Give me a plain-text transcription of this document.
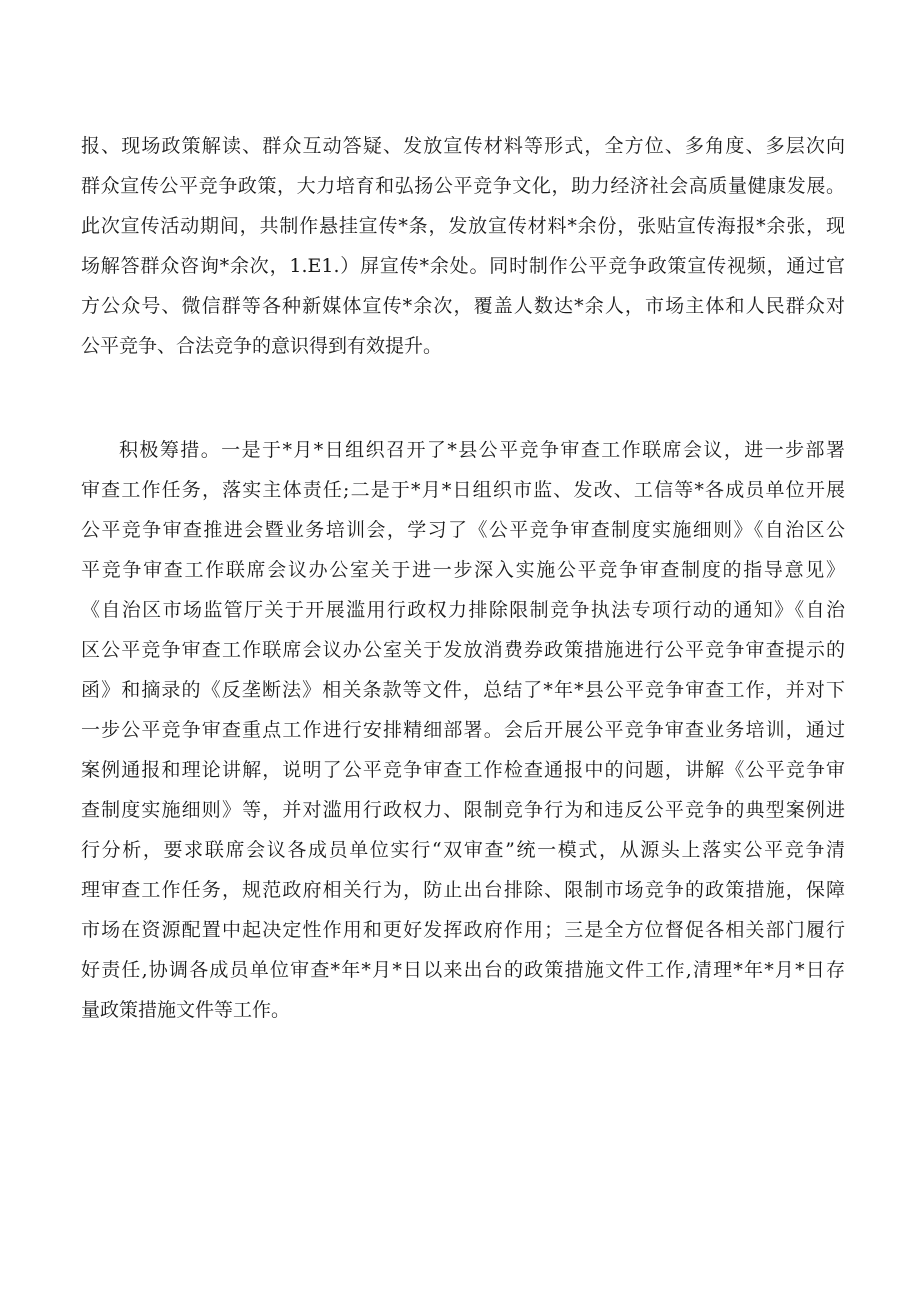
报、现场政策解读、群众互动答疑、发放宣传材料等形式，全方位、多角度、多层次向
群众宣传公平竞争政策，大力培育和弘扬公平竞争文化，助力经济社会高质量健康发展。
此次宣传活动期间，共制作悬挂宣传*条，发放宣传材料*余份，张贴宣传海报*余张，现
场解答群众咨询*余次，1.E1.）屏宣传*余处。同时制作公平竞争政策宣传视频，通过官
方公众号、微信群等各种新媒体宣传*余次，覆盖人数达*余人，市场主体和人民群众对
公平竞争、合法竞争的意识得到有效提升。
积极筹措。一是于*月*日组织召开了*县公平竞争审查工作联席会议，进一步部署
审查工作任务，落实主体责任;二是于*月*日组织市监、发改、工信等*各成员单位开展
公平竞争审查推进会暨业务培训会，学习了《公平竞争审查制度实施细则》《自治区公
平竞争审查工作联席会议办公室关于进一步深入实施公平竞争审查制度的指导意见》
《自治区市场监管厅关于开展滥用行政权力排除限制竞争执法专项行动的通知》《自治
区公平竞争审查工作联席会议办公室关于发放消费券政策措施进行公平竞争审查提示的
函》和摘录的《反垄断法》相关条款等文件，总结了*年*县公平竞争审查工作，并对下
一步公平竞争审查重点工作进行安排精细部署。会后开展公平竞争审查业务培训，通过
案例通报和理论讲解，说明了公平竞争审查工作检查通报中的问题，讲解《公平竞争审
查制度实施细则》等，并对滥用行政权力、限制竞争行为和违反公平竞争的典型案例进
行分析，要求联席会议各成员单位实行“双审查”统一模式，从源头上落实公平竞争清
理审查工作任务，规范政府相关行为，防止出台排除、限制市场竞争的政策措施，保障
市场在资源配置中起决定性作用和更好发挥政府作用；三是全方位督促各相关部门履行
好责任,协调各成员单位审查*年*月*日以来出台的政策措施文件工作,清理*年*月*日存
量政策措施文件等工作。
